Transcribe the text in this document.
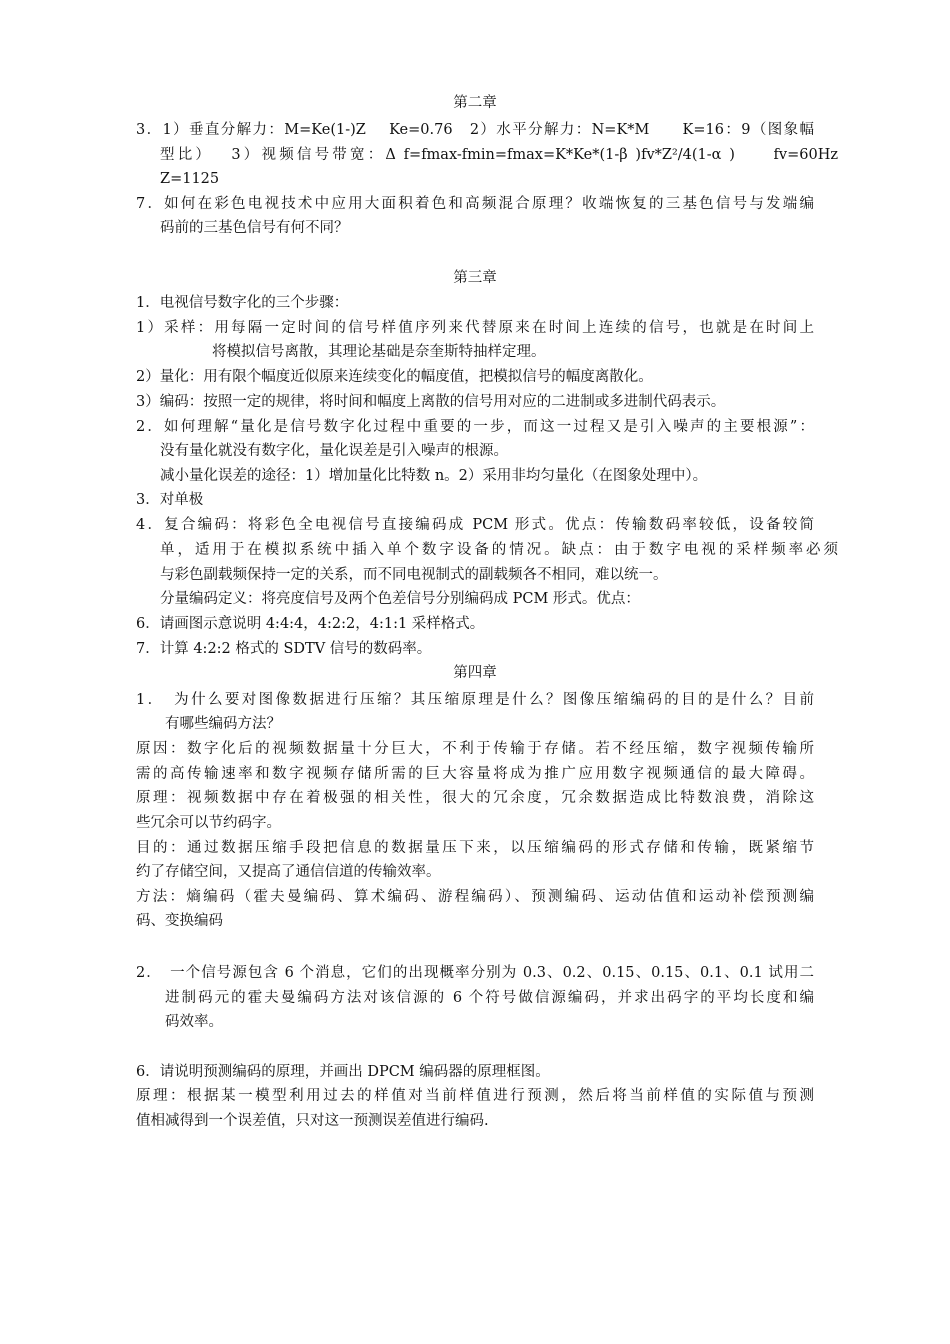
第二章
3．1）垂直分解力：M=Ke(1-)Z　 Ke=0.76　2）水平分解力：N=K*M　　K=16：9（图象幅
型比）　 3）视频信号带宽：Δ f=fmax-fmin=fmax=K*Ke*(1-β )fv*Z²/4(1-α )　　fv=60Hz
Z=1125
7．如何在彩色电视技术中应用大面积着色和高频混合原理？收端恢复的三基色信号与发端编
码前的三基色信号有何不同？
第三章
1．电视信号数字化的三个步骤：
1）采样：用每隔一定时间的信号样值序列来代替原来在时间上连续的信号，也就是在时间上
将模拟信号离散，其理论基础是奈奎斯特抽样定理。
2）量化：用有限个幅度近似原来连续变化的幅度值，把模拟信号的幅度离散化。
3）编码：按照一定的规律，将时间和幅度上离散的信号用对应的二进制或多进制代码表示。
2．如何理解“量化是信号数字化过程中重要的一步，而这一过程又是引入噪声的主要根源”：
没有量化就没有数字化，量化误差是引入噪声的根源。
减小量化误差的途径：1）增加量化比特数 n。2）采用非均匀量化（在图象处理中）。
3．对单极
4．复合编码：将彩色全电视信号直接编码成 PCM 形式。优点：传输数码率较低，设备较简
单，适用于在模拟系统中插入单个数字设备的情况。缺点：由于数字电视的采样频率必须
与彩色副载频保持一定的关系，而不同电视制式的副载频各不相同，难以统一。
分量编码定义：将亮度信号及两个色差信号分别编码成 PCM 形式。优点：
6．请画图示意说明 4:4:4，4:2:2，4:1:1 采样格式。
7．计算 4:2:2 格式的 SDTV 信号的数码率。
第四章
1．　为什么要对图像数据进行压缩？其压缩原理是什么？图像压缩编码的目的是什么？目前
有哪些编码方法？
原因：数字化后的视频数据量十分巨大，不利于传输于存储。若不经压缩，数字视频传输所
需的高传输速率和数字视频存储所需的巨大容量将成为推广应用数字视频通信的最大障碍。
原理：视频数据中存在着极强的相关性，很大的冗余度，冗余数据造成比特数浪费，消除这
些冗余可以节约码字。
目的：通过数据压缩手段把信息的数据量压下来，以压缩编码的形式存储和传输，既紧缩节
约了存储空间，又提高了通信信道的传输效率。
方法：熵编码（霍夫曼编码、算术编码、游程编码）、预测编码、运动估值和运动补偿预测编
码、变换编码
2．　一个信号源包含 6 个消息，它们的出现概率分别为 0.3、0.2、0.15、0.15、0.1、0.1 试用二
进制码元的霍夫曼编码方法对该信源的 6 个符号做信源编码，并求出码字的平均长度和编
码效率。
6．请说明预测编码的原理，并画出 DPCM 编码器的原理框图。
原理：根据某一模型利用过去的样值对当前样值进行预测，然后将当前样值的实际值与预测
值相减得到一个误差值，只对这一预测误差值进行编码.
